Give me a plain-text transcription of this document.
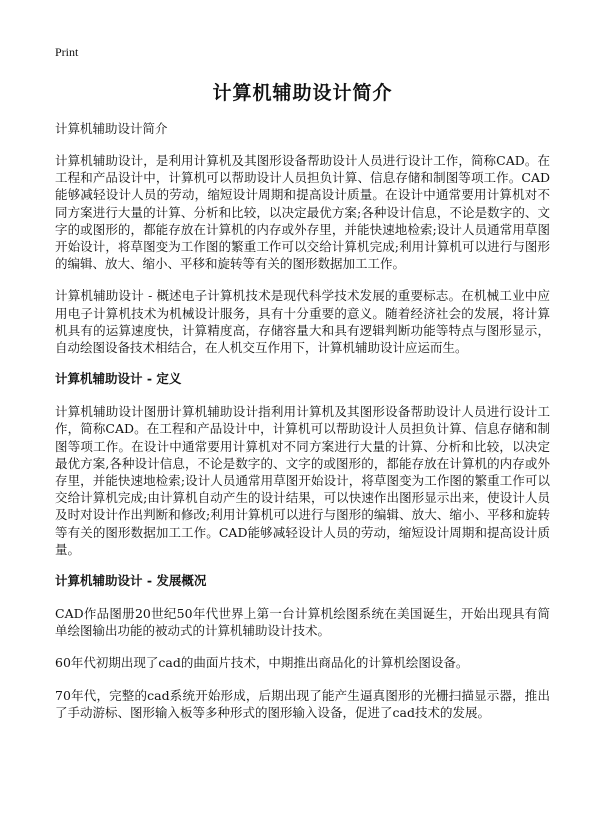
Print
计算机辅助设计简介
计算机辅助设计简介

计算机辅助设计，是利用计算机及其图形设备帮助设计人员进行设计工作，简称CAD。在工程和产品设计中，计算机可以帮助设计人员担负计算、信息存储和制图等项工作。CAD能够减轻设计人员的劳动，缩短设计周期和提高设计质量。在设计中通常要用计算机对不同方案进行大量的计算、分析和比较，以决定最优方案;各种设计信息，不论是数字的、文字的或图形的，都能存放在计算机的内存或外存里，并能快速地检索;设计人员通常用草图开始设计，将草图变为工作图的繁重工作可以交给计算机完成;利用计算机可以进行与图形的编辑、放大、缩小、平移和旋转等有关的图形数据加工工作。

计算机辅助设计 - 概述电子计算机技术是现代科学技术发展的重要标志。在机械工业中应用电子计算机技术为机械设计服务，具有十分重要的意义。随着经济社会的发展，将计算机具有的运算速度快，计算精度高，存储容量大和具有逻辑判断功能等特点与图形显示，自动绘图设备技术相结合，在人机交互作用下，计算机辅助设计应运而生。

计算机辅助设计 - 定义

计算机辅助设计图册计算机辅助设计指利用计算机及其图形设备帮助设计人员进行设计工作，简称CAD。在工程和产品设计中，计算机可以帮助设计人员担负计算、信息存储和制图等项工作。在设计中通常要用计算机对不同方案进行大量的计算、分析和比较，以决定最优方案,各种设计信息，不论是数字的、文字的或图形的，都能存放在计算机的内存或外存里，并能快速地检索;设计人员通常用草图开始设计，将草图变为工作图的繁重工作可以交给计算机完成;由计算机自动产生的设计结果，可以快速作出图形显示出来，使设计人员及时对设计作出判断和修改;利用计算机可以进行与图形的编辑、放大、缩小、平移和旋转等有关的图形数据加工工作。CAD能够减轻设计人员的劳动，缩短设计周期和提高设计质量。

计算机辅助设计 - 发展概况

CAD作品图册20世纪50年代世界上第一台计算机绘图系统在美国诞生，开始出现具有简单绘图输出功能的被动式的计算机辅助设计技术。

60年代初期出现了cad的曲面片技术，中期推出商品化的计算机绘图设备。

70年代，完整的cad系统开始形成，后期出现了能产生逼真图形的光栅扫描显示器，推出了手动游标、图形输入板等多种形式的图形输入设备，促进了cad技术的发展。
